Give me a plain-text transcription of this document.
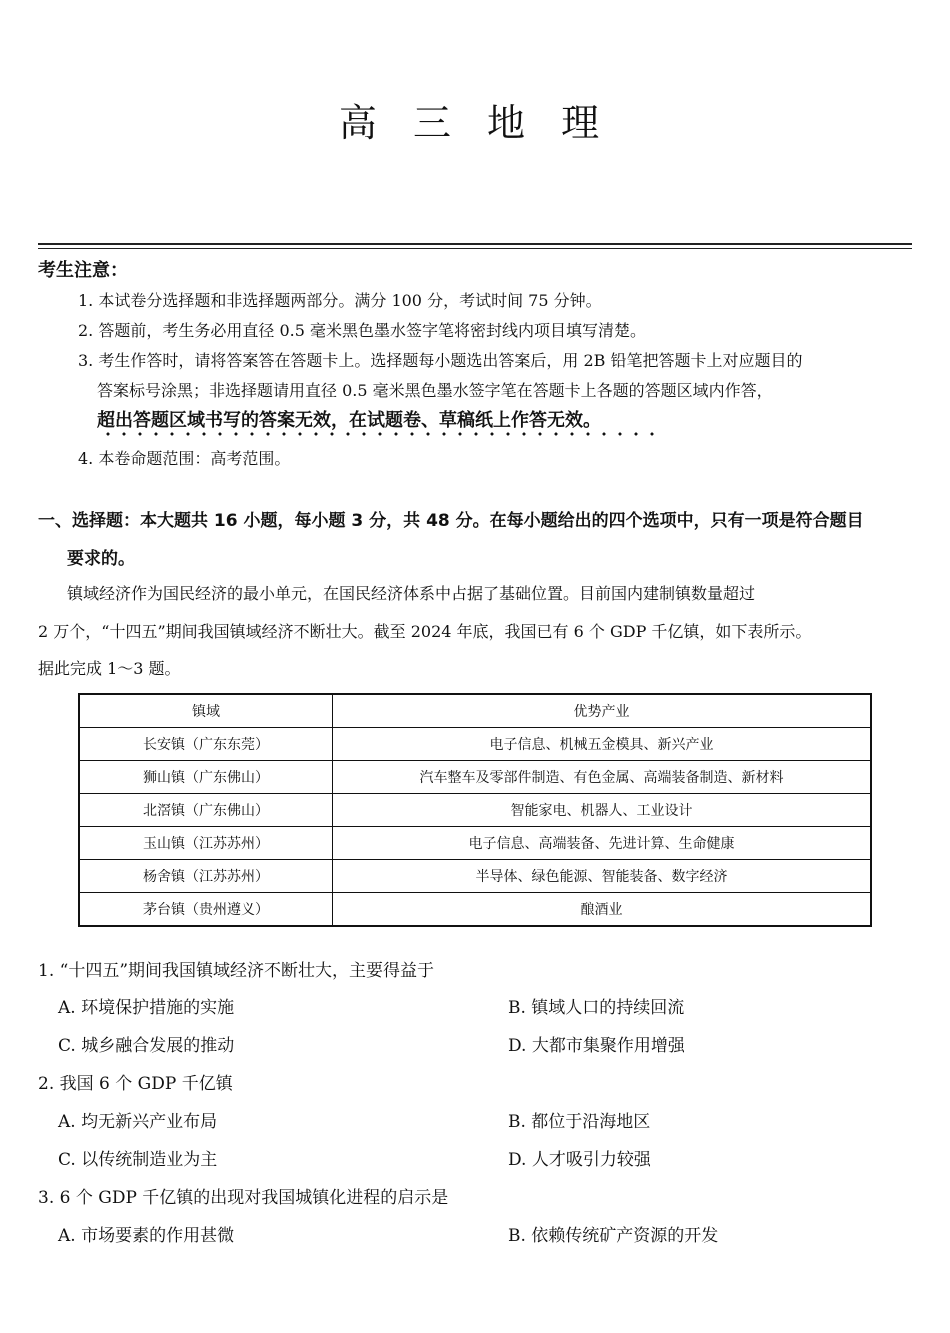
高 三 地 理
考生注意：
1. 本试卷分选择题和非选择题两部分。满分 100 分，考试时间 75 分钟。
2. 答题前，考生务必用直径 0.5 毫米黑色墨水签字笔将密封线内项目填写清楚。
3. 考生作答时，请将答案答在答题卡上。选择题每小题选出答案后，用 2B 铅笔把答题卡上对应题目的
答案标号涂黑；非选择题请用直径 0.5 毫米黑色墨水签字笔在答题卡上各题的答题区域内作答，
超出答题区域书写的答案无效，在试题卷、草稿纸上作答无效。
4. 本卷命题范围：高考范围。
一、选择题：本大题共 16 小题，每小题 3 分，共 48 分。在每小题给出的四个选项中，只有一项是符合题目
要求的。
镇域经济作为国民经济的最小单元，在国民经济体系中占据了基础位置。目前国内建制镇数量超过
2 万个，“十四五”期间我国镇域经济不断壮大。截至 2024 年底，我国已有 6 个 GDP 千亿镇，如下表所示。
据此完成 1～3 题。
镇域	优势产业
长安镇（广东东莞）	电子信息、机械五金模具、新兴产业
狮山镇（广东佛山）	汽车整车及零部件制造、有色金属、高端装备制造、新材料
北滘镇（广东佛山）	智能家电、机器人、工业设计
玉山镇（江苏苏州）	电子信息、高端装备、先进计算、生命健康
杨舍镇（江苏苏州）	半导体、绿色能源、智能装备、数字经济
茅台镇（贵州遵义）	酿酒业
1. “十四五”期间我国镇域经济不断壮大，主要得益于
A. 环境保护措施的实施	B. 镇域人口的持续回流
C. 城乡融合发展的推动	D. 大都市集聚作用增强
2. 我国 6 个 GDP 千亿镇
A. 均无新兴产业布局	B. 都位于沿海地区
C. 以传统制造业为主	D. 人才吸引力较强
3. 6 个 GDP 千亿镇的出现对我国城镇化进程的启示是
A. 市场要素的作用甚微	B. 依赖传统矿产资源的开发
